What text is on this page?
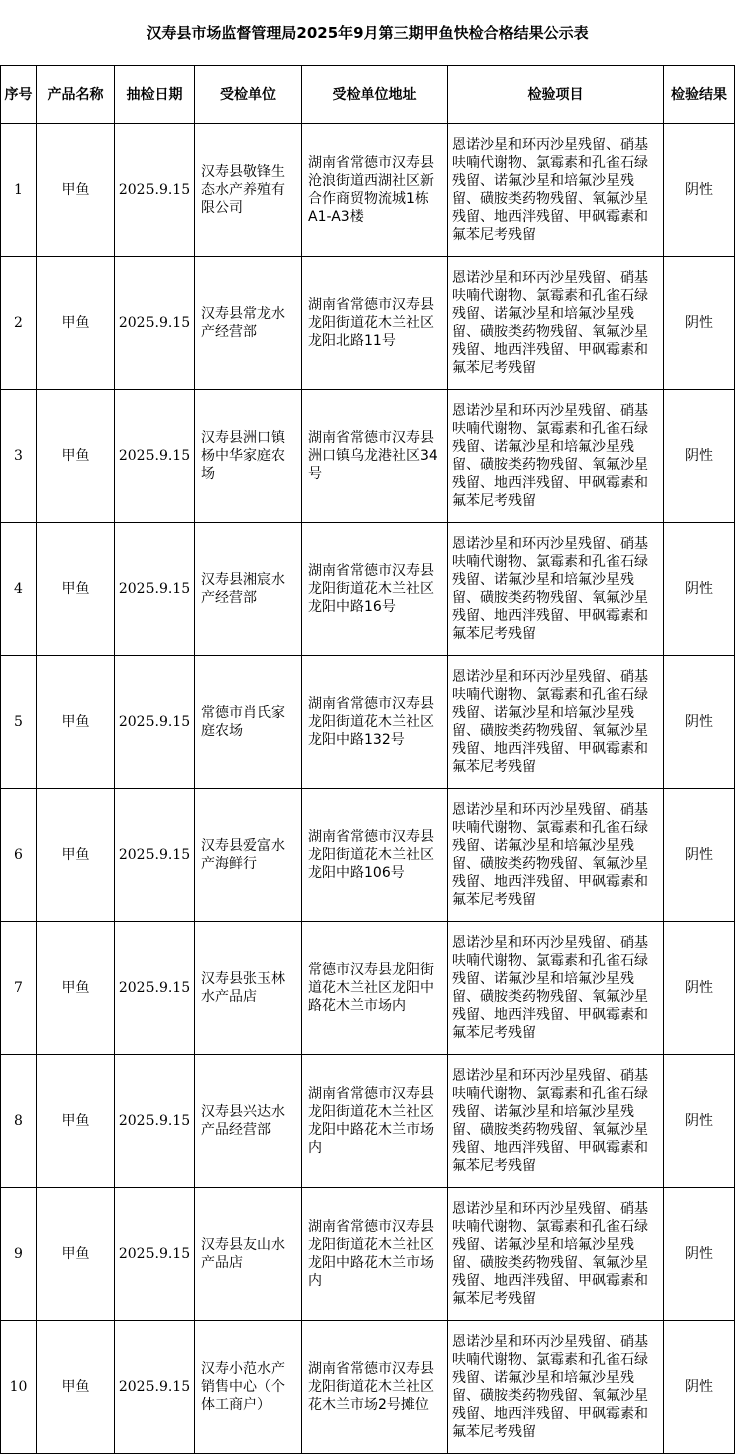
汉寿县市场监督管理局2025年9月第三期甲鱼快检合格结果公示表						
序号	产品名称	抽检日期	受检单位	受检单位地址	检验项目	检验结果
1	甲鱼	2025.9.15	汉寿县敬锋生态水产养殖有限公司	湖南省常德市汉寿县沧浪街道西湖社区新合作商贸物流城1栋A1-A3楼	恩诺沙星和环丙沙星残留、硝基呋喃代谢物、氯霉素和孔雀石绿残留、诺氟沙星和培氟沙星残留、磺胺类药物残留、氧氟沙星残留、地西泮残留、甲砜霉素和氟苯尼考残留	阴性
2	甲鱼	2025.9.15	汉寿县常龙水产经营部	湖南省常德市汉寿县龙阳街道花木兰社区龙阳北路11号	恩诺沙星和环丙沙星残留、硝基呋喃代谢物、氯霉素和孔雀石绿残留、诺氟沙星和培氟沙星残留、磺胺类药物残留、氧氟沙星残留、地西泮残留、甲砜霉素和氟苯尼考残留	阴性
3	甲鱼	2025.9.15	汉寿县洲口镇杨中华家庭农场	湖南省常德市汉寿县洲口镇乌龙港社区34号	恩诺沙星和环丙沙星残留、硝基呋喃代谢物、氯霉素和孔雀石绿残留、诺氟沙星和培氟沙星残留、磺胺类药物残留、氧氟沙星残留、地西泮残留、甲砜霉素和氟苯尼考残留	阴性
4	甲鱼	2025.9.15	汉寿县湘宸水产经营部	湖南省常德市汉寿县龙阳街道花木兰社区龙阳中路16号	恩诺沙星和环丙沙星残留、硝基呋喃代谢物、氯霉素和孔雀石绿残留、诺氟沙星和培氟沙星残留、磺胺类药物残留、氧氟沙星残留、地西泮残留、甲砜霉素和氟苯尼考残留	阴性
5	甲鱼	2025.9.15	常德市肖氏家庭农场	湖南省常德市汉寿县龙阳街道花木兰社区龙阳中路132号	恩诺沙星和环丙沙星残留、硝基呋喃代谢物、氯霉素和孔雀石绿残留、诺氟沙星和培氟沙星残留、磺胺类药物残留、氧氟沙星残留、地西泮残留、甲砜霉素和氟苯尼考残留	阴性
6	甲鱼	2025.9.15	汉寿县爱富水产海鲜行	湖南省常德市汉寿县龙阳街道花木兰社区龙阳中路106号	恩诺沙星和环丙沙星残留、硝基呋喃代谢物、氯霉素和孔雀石绿残留、诺氟沙星和培氟沙星残留、磺胺类药物残留、氧氟沙星残留、地西泮残留、甲砜霉素和氟苯尼考残留	阴性
7	甲鱼	2025.9.15	汉寿县张玉林水产品店	常德市汉寿县龙阳街道花木兰社区龙阳中路花木兰市场内	恩诺沙星和环丙沙星残留、硝基呋喃代谢物、氯霉素和孔雀石绿残留、诺氟沙星和培氟沙星残留、磺胺类药物残留、氧氟沙星残留、地西泮残留、甲砜霉素和氟苯尼考残留	阴性
8	甲鱼	2025.9.15	汉寿县兴达水产品经营部	湖南省常德市汉寿县龙阳街道花木兰社区龙阳中路花木兰市场内	恩诺沙星和环丙沙星残留、硝基呋喃代谢物、氯霉素和孔雀石绿残留、诺氟沙星和培氟沙星残留、磺胺类药物残留、氧氟沙星残留、地西泮残留、甲砜霉素和氟苯尼考残留	阴性
9	甲鱼	2025.9.15	汉寿县友山水产品店	湖南省常德市汉寿县龙阳街道花木兰社区龙阳中路花木兰市场内	恩诺沙星和环丙沙星残留、硝基呋喃代谢物、氯霉素和孔雀石绿残留、诺氟沙星和培氟沙星残留、磺胺类药物残留、氧氟沙星残留、地西泮残留、甲砜霉素和氟苯尼考残留	阴性
10	甲鱼	2025.9.15	汉寿小范水产销售中心（个体工商户）	湖南省常德市汉寿县龙阳街道花木兰社区花木兰市场2号摊位	恩诺沙星和环丙沙星残留、硝基呋喃代谢物、氯霉素和孔雀石绿残留、诺氟沙星和培氟沙星残留、磺胺类药物残留、氧氟沙星残留、地西泮残留、甲砜霉素和氟苯尼考残留	阴性
